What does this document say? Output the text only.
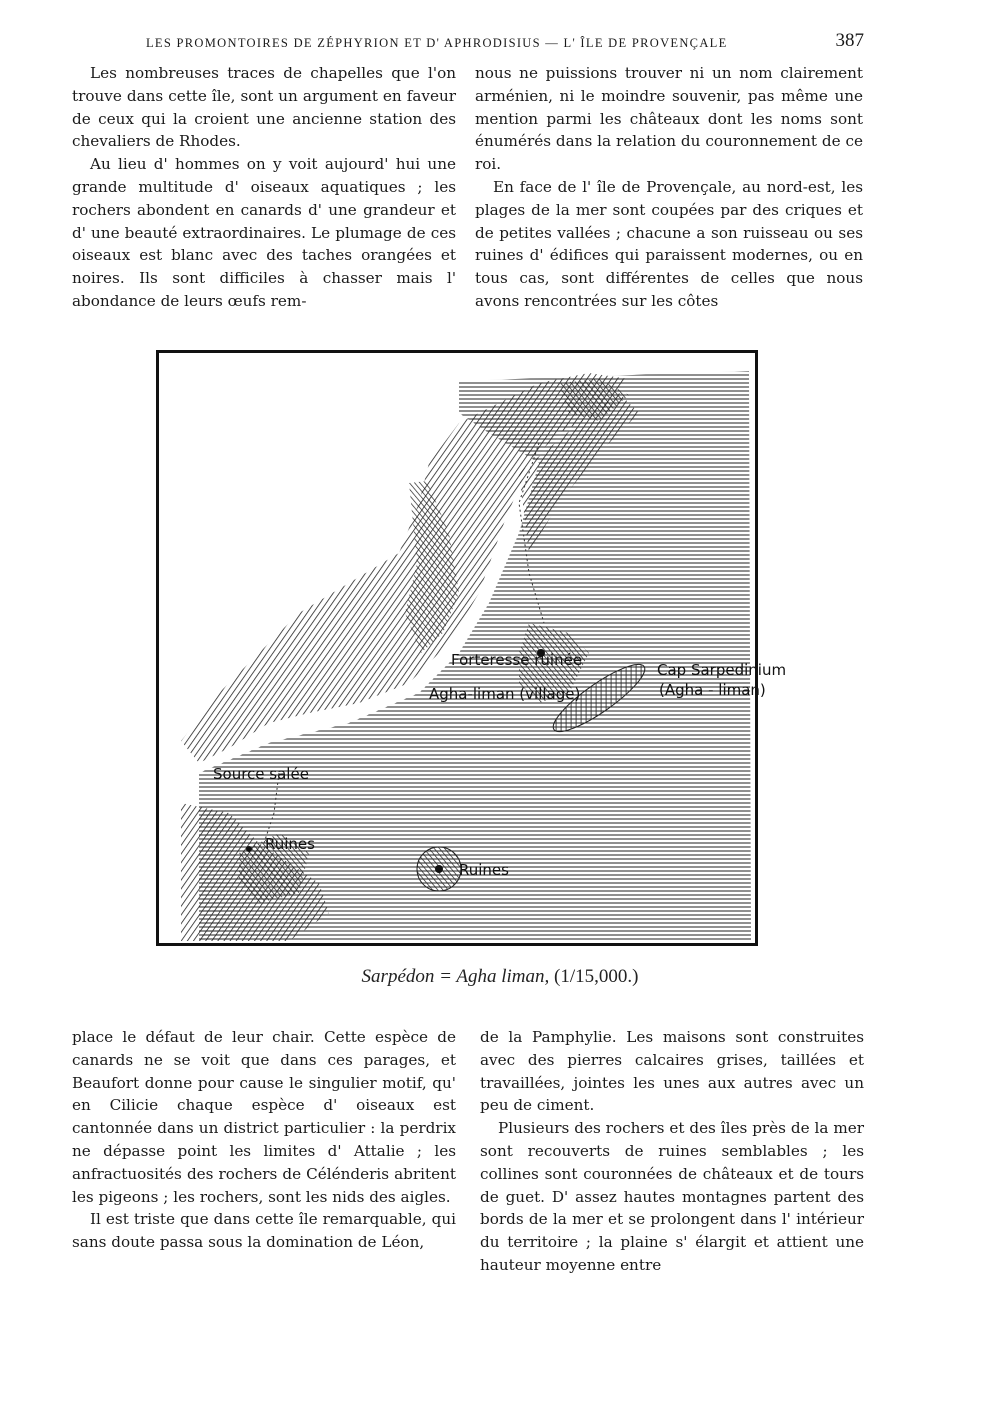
LES PROMONTOIRES DE ZÉPHYRION ET D' APHRODISIUS — L' ÎLE DE PROVENÇALE	387

Les nombreuses traces de chapelles que l'on trouve dans cette île, sont un argument en faveur de ceux qui la croient une ancienne station des chevaliers de Rhodes.

Au lieu d' hommes on y voit aujourd' hui une grande multitude d' oiseaux aquatiques ; les rochers abondent en canards d' une grandeur et d' une beauté extraordinaires. Le plumage de ces oiseaux est blanc avec des taches orangées et noires. Ils sont difficiles à chasser mais l' abondance de leurs œufs rem-

nous ne puissions trouver ni un nom clairement arménien, ni le moindre souvenir, pas même une mention parmi les châteaux dont les noms sont énumérés dans la relation du couronnement de ce roi.

En face de l' île de Provençale, au nord-est, les plages de la mer sont coupées par des criques et de petites vallées ; chacune a son ruisseau ou ses ruines d' édifices qui paraissent modernes, ou en tous cas, sont différentes de celles que nous avons rencontrées sur les côtes

Forteresse ruinée
Agha-liman (village)
Cap Sarpedinium
(Agha - liman)
Source salée
Ruines
Ruines
Sarpédon = Agha liman, (1/15,000.)

place le défaut de leur chair. Cette espèce de canards ne se voit que dans ces parages, et Beaufort donne pour cause le singulier motif, qu' en Cilicie chaque espèce d' oiseaux est cantonnée dans un district particulier : la perdrix ne dépasse point les limites d' Attalie ; les anfractuosités des rochers de Célénderis abritent les pigeons ; les rochers, sont les nids des aigles.

Il est triste que dans cette île remarquable, qui sans doute passa sous la domination de Léon,

de la Pamphylie. Les maisons sont construites avec des pierres calcaires grises, taillées et travaillées, jointes les unes aux autres avec un peu de ciment.

Plusieurs des rochers et des îles près de la mer sont recouverts de ruines semblables ; les collines sont couronnées de châteaux et de tours de guet. D' assez hautes montagnes partent des bords de la mer et se prolongent dans l' intérieur du territoire ; la plaine s' élargit et attient une hauteur moyenne entre
